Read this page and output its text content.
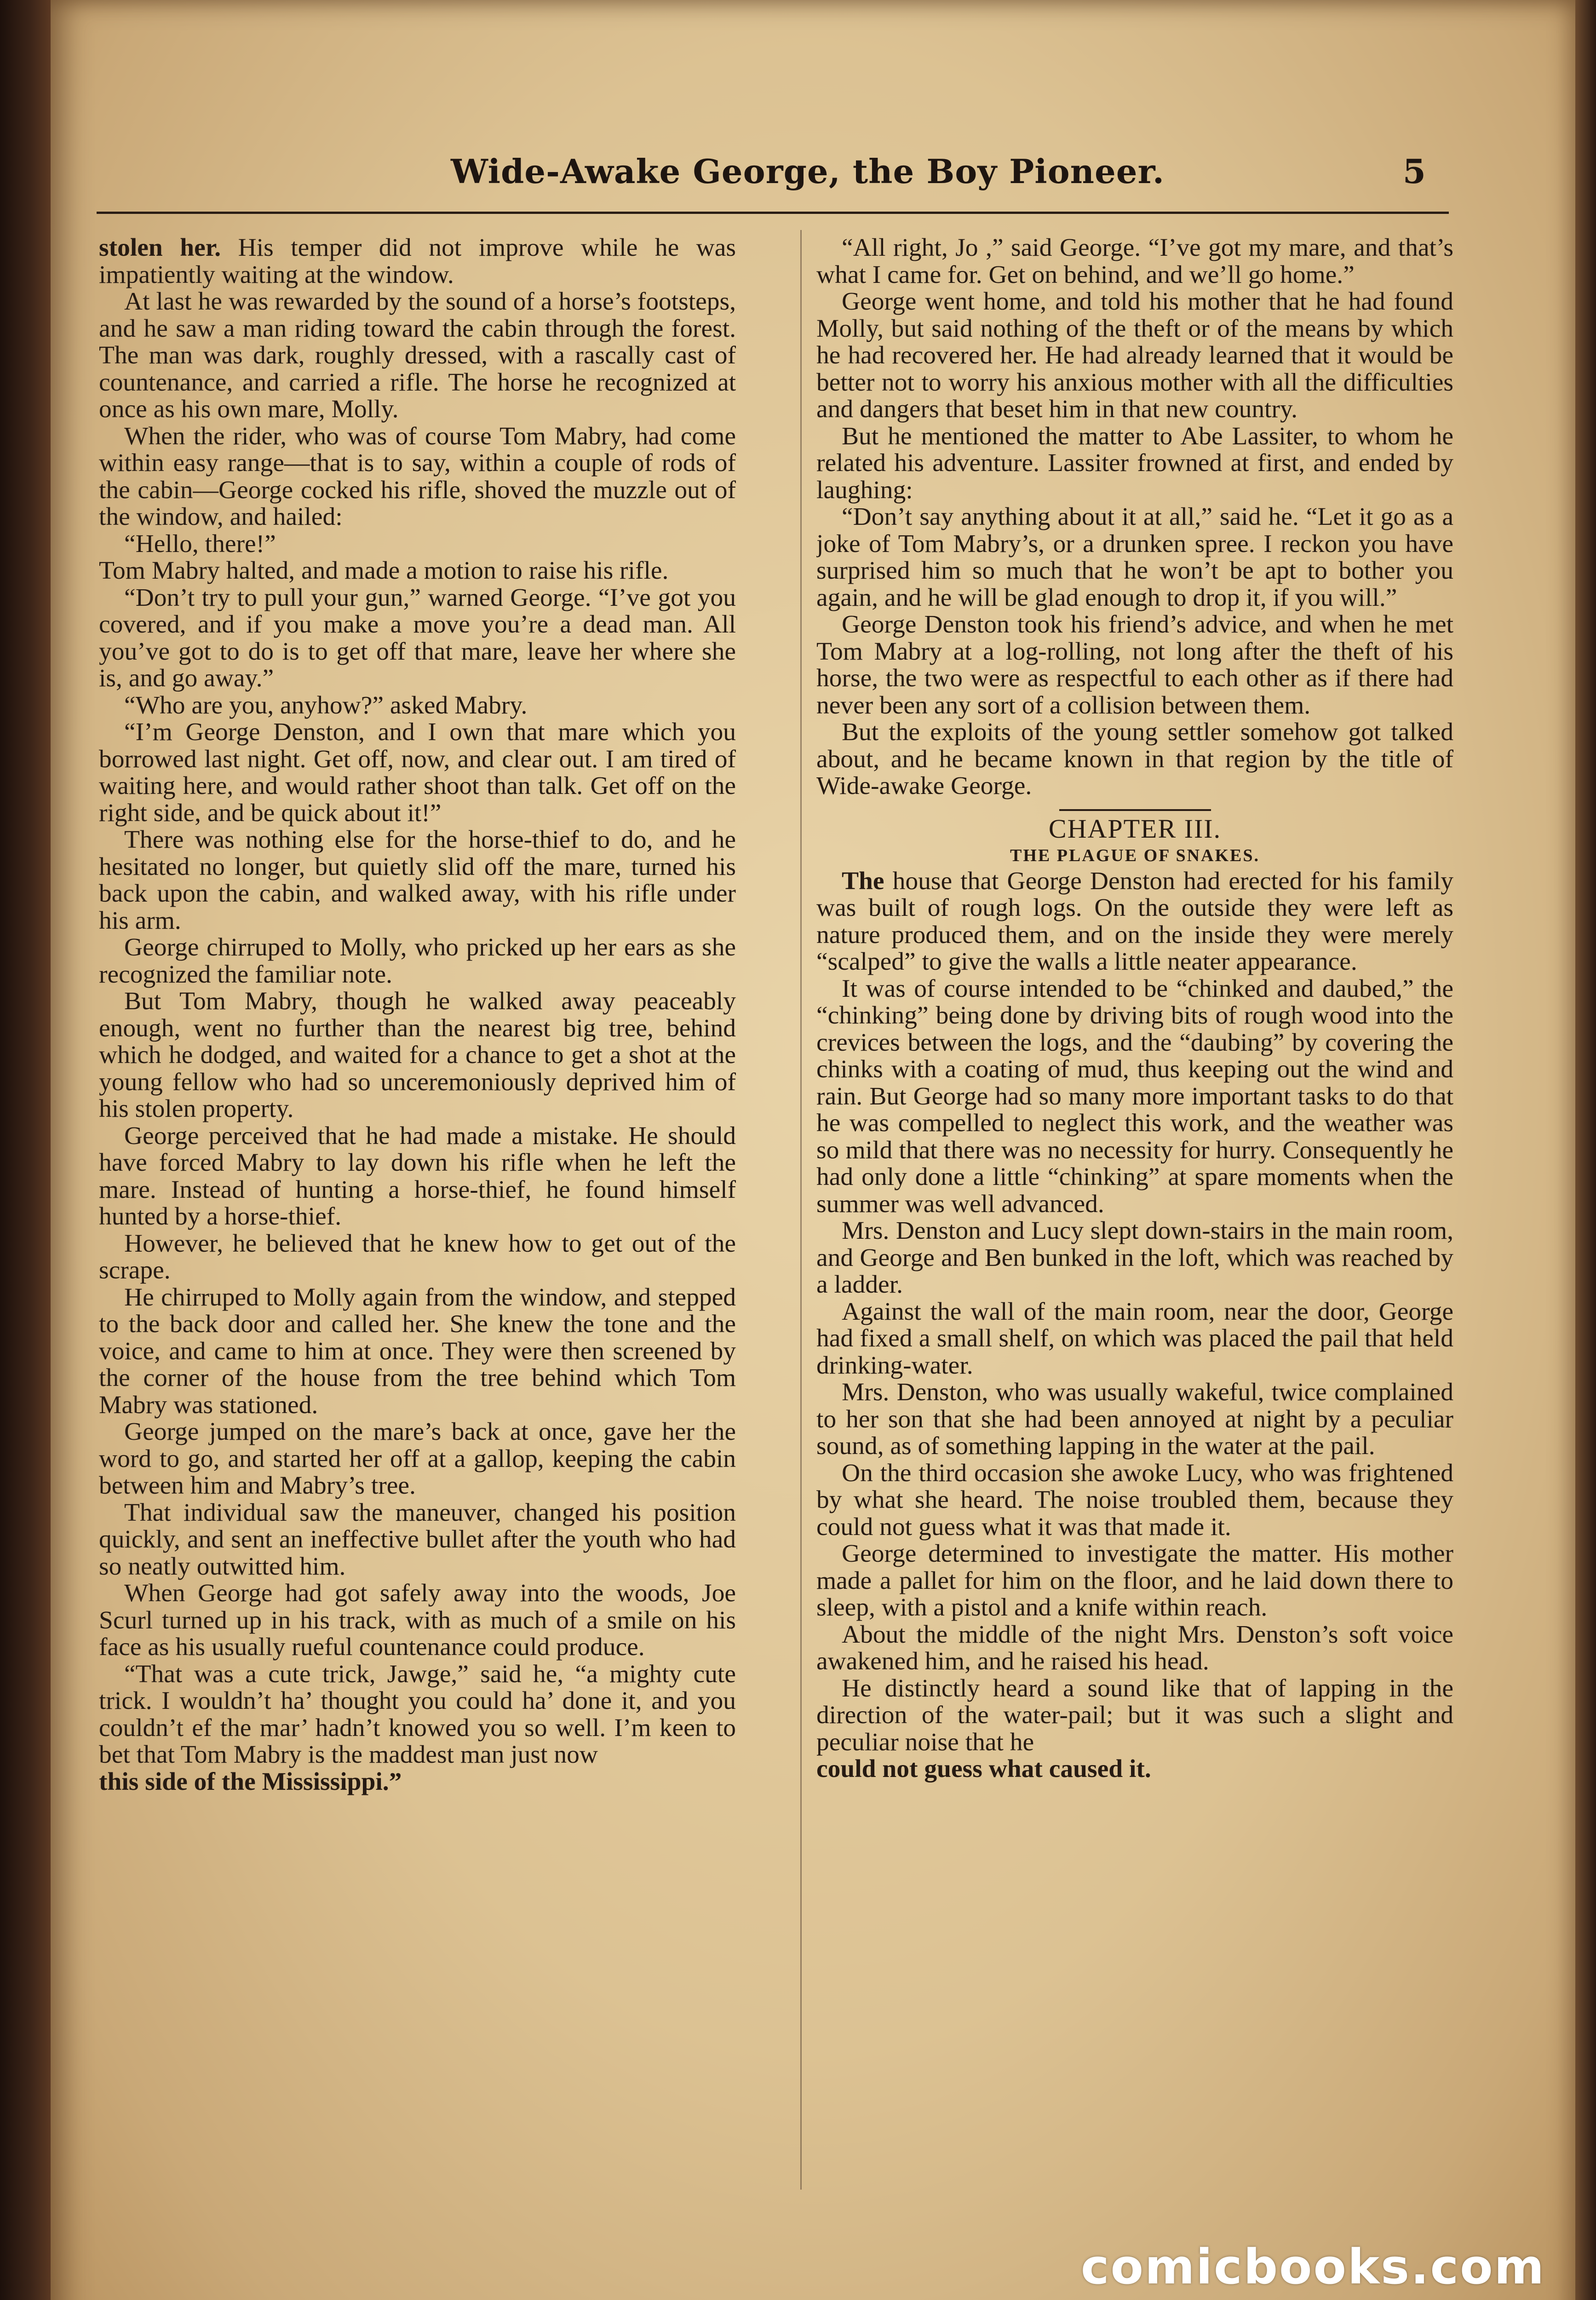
Wide-Awake George, the Boy Pioneer.	5

stolen her. His temper did not improve while he was impatiently waiting at the window.

At last he was rewarded by the sound of a horse’s footsteps, and he saw a man riding toward the cabin through the forest. The man was dark, roughly dressed, with a rascally cast of countenance, and carried a rifle. The horse he recognized at once as his own mare, Molly.

When the rider, who was of course Tom Mabry, had come within easy range—that is to say, within a couple of rods of the cabin—George cocked his rifle, shoved the muzzle out of the window, and hailed:

“Hello, there!”

Tom Mabry halted, and made a motion to raise his rifle.

“Don’t try to pull your gun,” warned George. “I’ve got you covered, and if you make a move you’re a dead man. All you’ve got to do is to get off that mare, leave her where she is, and go away.”

“Who are you, anyhow?” asked Mabry.

“I’m George Denston, and I own that mare which you borrowed last night. Get off, now, and clear out. I am tired of waiting here, and would rather shoot than talk. Get off on the right side, and be quick about it!”

There was nothing else for the horse-thief to do, and he hesitated no longer, but quietly slid off the mare, turned his back upon the cabin, and walked away, with his rifle under his arm.

George chirruped to Molly, who pricked up her ears as she recognized the familiar note.

But Tom Mabry, though he walked away peaceably enough, went no further than the nearest big tree, behind which he dodged, and waited for a chance to get a shot at the young fellow who had so unceremoniously deprived him of his stolen property.

George perceived that he had made a mistake. He should have forced Mabry to lay down his rifle when he left the mare. Instead of hunting a horse-thief, he found himself hunted by a horse-thief.

However, he believed that he knew how to get out of the scrape.

He chirruped to Molly again from the window, and stepped to the back door and called her. She knew the tone and the voice, and came to him at once. They were then screened by the corner of the house from the tree behind which Tom Mabry was stationed.

George jumped on the mare’s back at once, gave her the word to go, and started her off at a gallop, keeping the cabin between him and Mabry’s tree.

That individual saw the maneuver, changed his position quickly, and sent an ineffective bullet after the youth who had so neatly outwitted him.

When George had got safely away into the woods, Joe Scurl turned up in his track, with as much of a smile on his face as his usually rueful countenance could produce.

“That was a cute trick, Jawge,” said he, “a mighty cute trick. I wouldn’t ha’ thought you could ha’ done it, and you couldn’t ef the mar’ hadn’t knowed you so well. I’m keen to bet that Tom Mabry is the maddest man just now

this side of the Mississippi.”

“All right, Jo ,” said George. “I’ve got my mare, and that’s what I came for. Get on behind, and we’ll go home.”

George went home, and told his mother that he had found Molly, but said nothing of the theft or of the means by which he had recovered her. He had already learned that it would be better not to worry his anxious mother with all the difficulties and dangers that beset him in that new country.

But he mentioned the matter to Abe Lassiter, to whom he related his adventure. Lassiter frowned at first, and ended by laughing:

“Don’t say anything about it at all,” said he. “Let it go as a joke of Tom Mabry’s, or a drunken spree. I reckon you have surprised him so much that he won’t be apt to bother you again, and he will be glad enough to drop it, if you will.”

George Denston took his friend’s advice, and when he met Tom Mabry at a log-rolling, not long after the theft of his horse, the two were as respectful to each other as if there had never been any sort of a collision between them.

But the exploits of the young settler somehow got talked about, and he became known in that region by the title of Wide-awake George.

CHAPTER III.

THE PLAGUE OF SNAKES.

The house that George Denston had erected for his family was built of rough logs. On the outside they were left as nature produced them, and on the inside they were merely “scalped” to give the walls a little neater appearance.

It was of course intended to be “chinked and daubed,” the “chinking” being done by driving bits of rough wood into the crevices between the logs, and the “daubing” by covering the chinks with a coating of mud, thus keeping out the wind and rain. But George had so many more important tasks to do that he was compelled to neglect this work, and the weather was so mild that there was no necessity for hurry. Consequently he had only done a little “chinking” at spare moments when the summer was well advanced.

Mrs. Denston and Lucy slept down-stairs in the main room, and George and Ben bunked in the loft, which was reached by a ladder.

Against the wall of the main room, near the door, George had fixed a small shelf, on which was placed the pail that held drinking-water.

Mrs. Denston, who was usually wakeful, twice complained to her son that she had been annoyed at night by a peculiar sound, as of something lapping in the water at the pail.

On the third occasion she awoke Lucy, who was frightened by what she heard. The noise troubled them, because they could not guess what it was that made it.

George determined to investigate the matter. His mother made a pallet for him on the floor, and he laid down there to sleep, with a pistol and a knife within reach.

About the middle of the night Mrs. Denston’s soft voice awakened him, and he raised his head.

He distinctly heard a sound like that of lapping in the direction of the water-pail; but it was such a slight and peculiar noise that he

could not guess what caused it.

comicbooks.com
